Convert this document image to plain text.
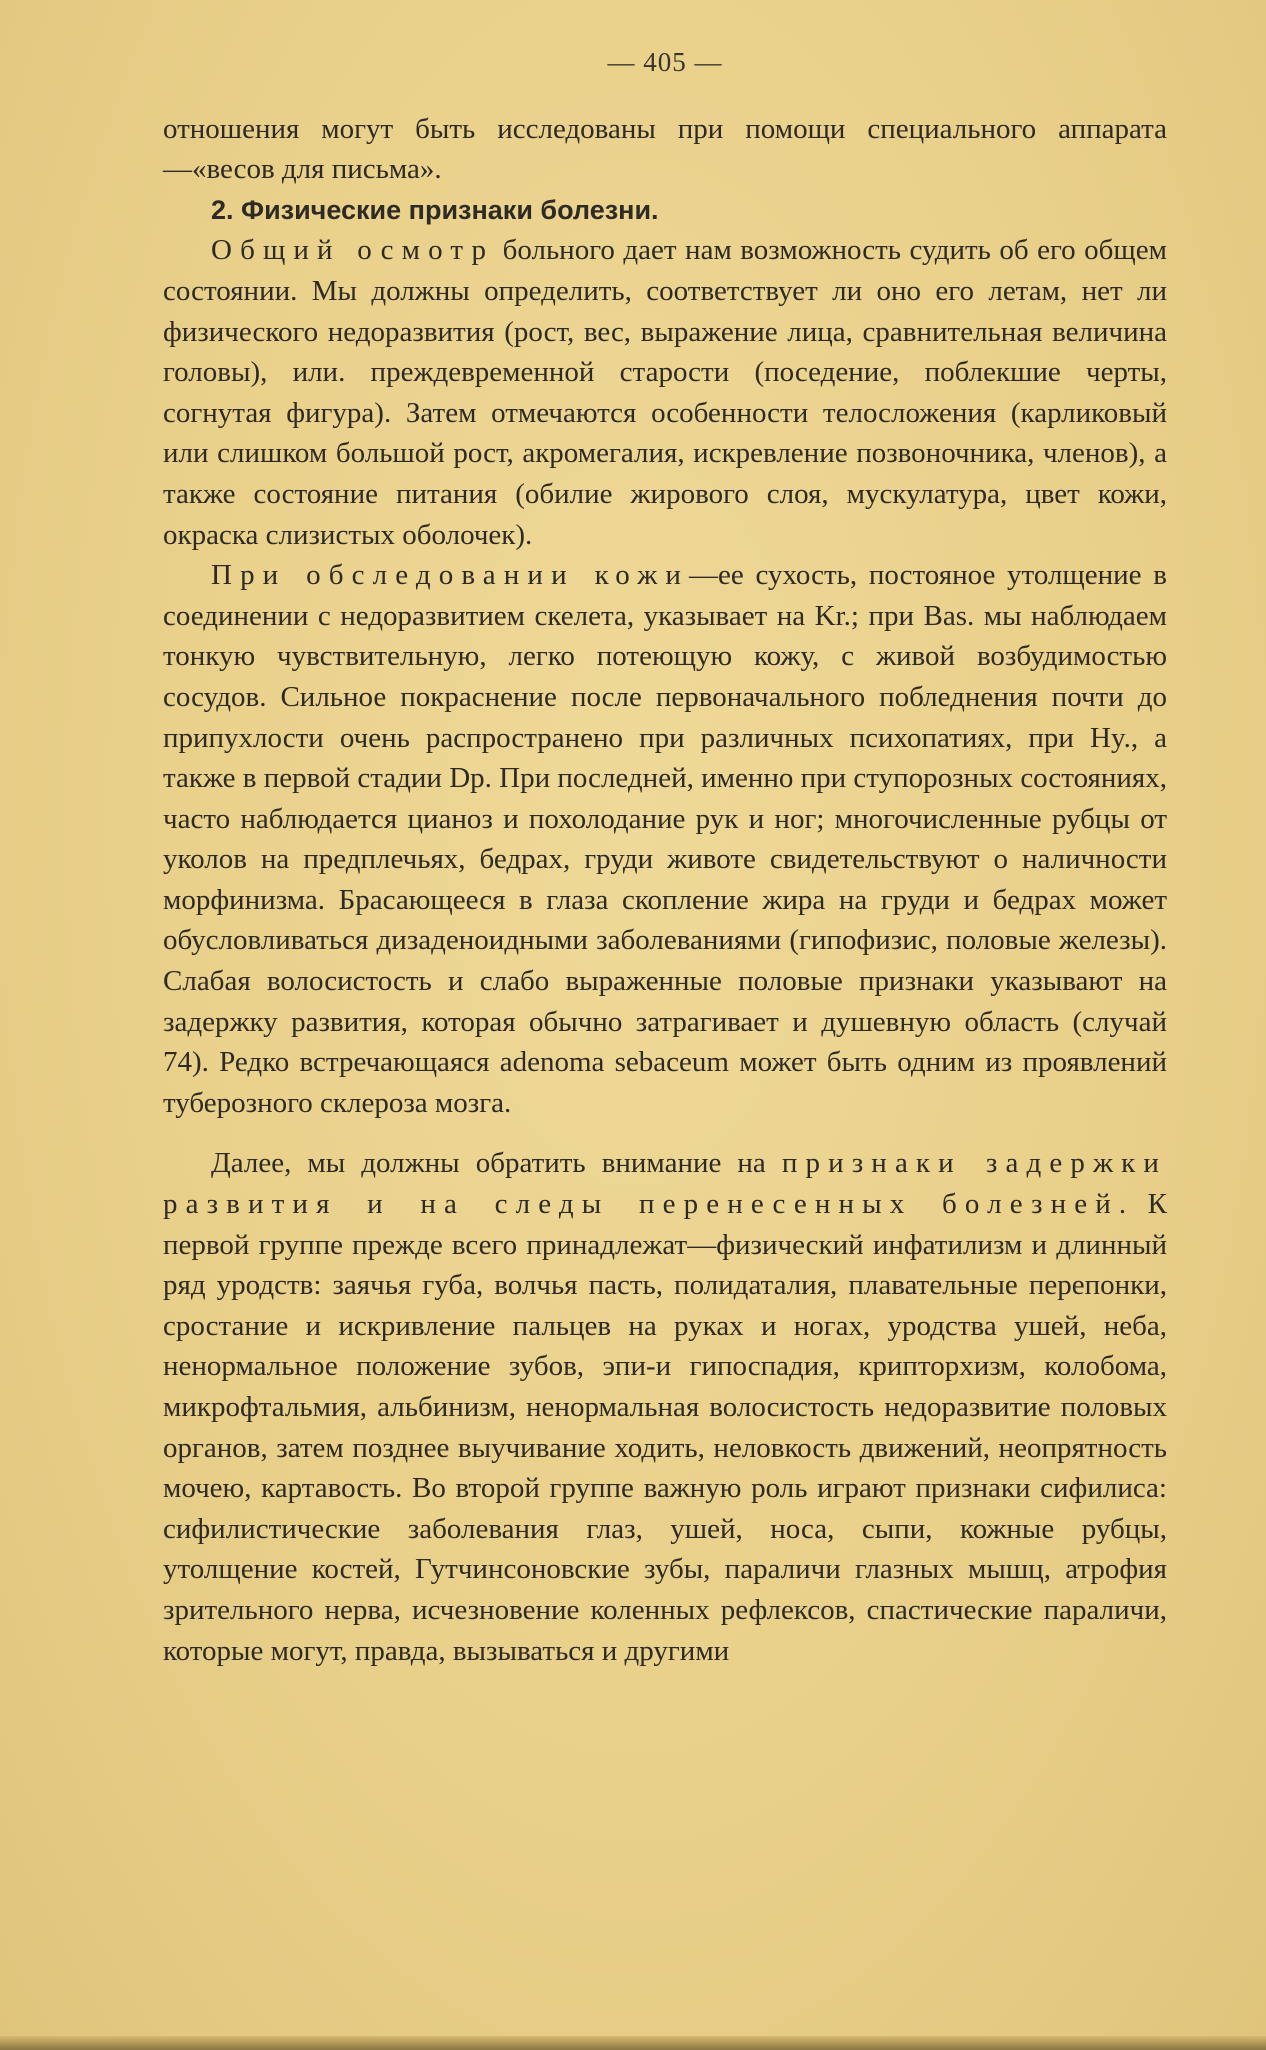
— 405 —

отношения могут быть исследованы при помощи специального аппарата—«весов для письма».

2. Физические признаки болезни.

Общий осмотр больного дает нам возможность судить об его общем состоянии. Мы должны определить, соответствует ли оно его летам, нет ли физического недоразвития (рост, вес, выражение лица, сравнительная величина головы), или. преждевременной старости (поседение, поблекшие черты, согнутая фигура). Затем отмечаются особенности телосложения (карликовый или слишком большой рост, акромегалия, искревление позвоночника, членов), а также состояние питания (обилие жирового слоя, мускулатура, цвет кожи, окраска слизистых оболочек).

При обследовании кожи—ее сухость, постояное утолщение в соединении с недоразвитием скелета, указывает на Kr.; при Bas. мы наблюдаем тонкую чувствительную, легко потеющую кожу, с живой возбудимостью сосудов. Сильное покраснение после первоначального побледнения почти до припухлости очень распространено при различных психопатиях, при Hy., а также в первой стадии Dp. При последней, именно при ступорозных состояниях, часто наблюдается цианоз и похолодание рук и ног; многочисленные рубцы от уколов на предплечьях, бедрах, груди животе свидетельствуют о наличности морфинизма. Брасающееся в глаза скопление жира на груди и бедрах может обусловливаться дизаденоидными заболеваниями (гипофизис, половые железы). Слабая волосистость и слабо выраженные половые признаки указывают на задержку развития, которая обычно затрагивает и душевную область (случай 74). Редко встречающаяся adenoma sebaceum может быть одним из проявлений туберозного склероза мозга.

Далее, мы должны обратить внимание на признаки задержки развития и на следы перенесенных болезней. К первой группе прежде всего принадлежат—физический инфатилизм и длинный ряд уродств: заячья губа, волчья пасть, полидаталия, плавательные перепонки, сростание и искривление пальцев на руках и ногах, уродства ушей, неба, ненормальное положение зубов, эпи-и гипоспадия, крипторхизм, колобома, микрофтальмия, альбинизм, ненормальная волосистость недоразвитие половых органов, затем позднее выучивание ходить, неловкость движений, неопрятность мочею, картавость. Во второй группе важную роль играют признаки сифилиса: сифилистические заболевания глаз, ушей, носа, сыпи, кожные рубцы, утолщение костей, Гутчинсоновские зубы, параличи глазных мышц, атрофия зрительного нерва, исчезновение коленных рефлексов, спастические параличи, которые могут, правда, вызываться и другими
